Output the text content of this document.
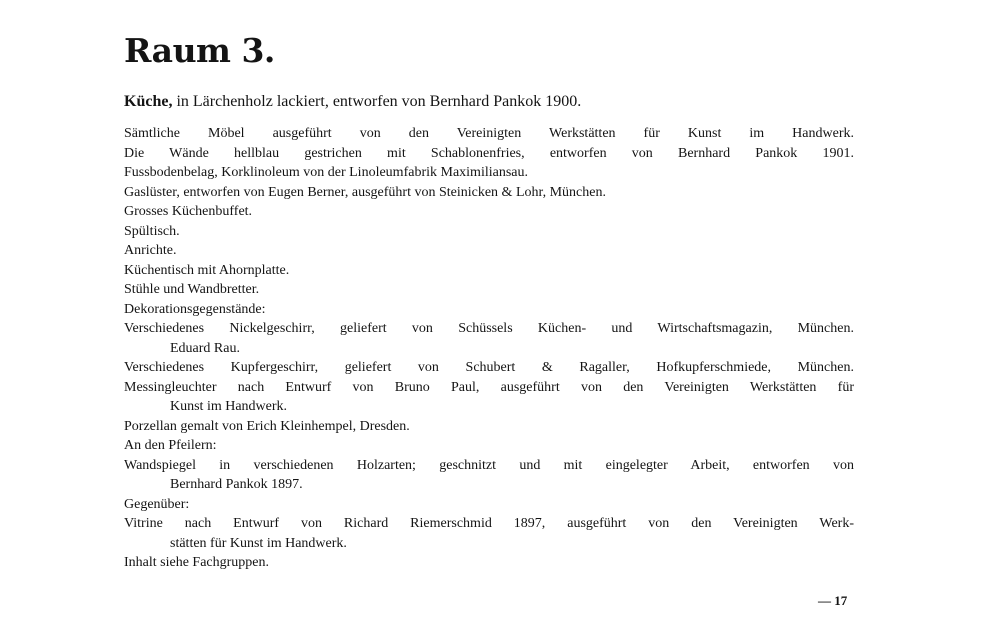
Raum 3.

Küche, in Lärchenholz lackiert, entworfen von Bernhard Pankok 1900.

Sämtliche Möbel ausgeführt von den Vereinigten Werkstätten für Kunst im Handwerk.
Die Wände hellblau gestrichen mit Schablonenfries, entworfen von Bernhard Pankok 1901.
Fussbodenbelag, Korklinoleum von der Linoleumfabrik Maximiliansau.
Gaslüster, entworfen von Eugen Berner, ausgeführt von Steinicken & Lohr, München.
Grosses Küchenbuffet.
Spültisch.
Anrichte.
Küchentisch mit Ahornplatte.
Stühle und Wandbretter.
Dekorationsgegenstände:
Verschiedenes Nickelgeschirr, geliefert von Schüssels Küchen- und Wirtschaftsmagazin, München.
Eduard Rau.
Verschiedenes Kupfergeschirr, geliefert von Schubert & Ragaller, Hofkupferschmiede, München.
Messingleuchter nach Entwurf von Bruno Paul, ausgeführt von den Vereinigten Werkstätten für
Kunst im Handwerk.
Porzellan gemalt von Erich Kleinhempel, Dresden.
An den Pfeilern:
Wandspiegel in verschiedenen Holzarten; geschnitzt und mit eingelegter Arbeit, entworfen von
Bernhard Pankok 1897.
Gegenüber:
Vitrine nach Entwurf von Richard Riemerschmid 1897, ausgeführt von den Vereinigten Werk-
stätten für Kunst im Handwerk.
Inhalt siehe Fachgruppen.

— 17
